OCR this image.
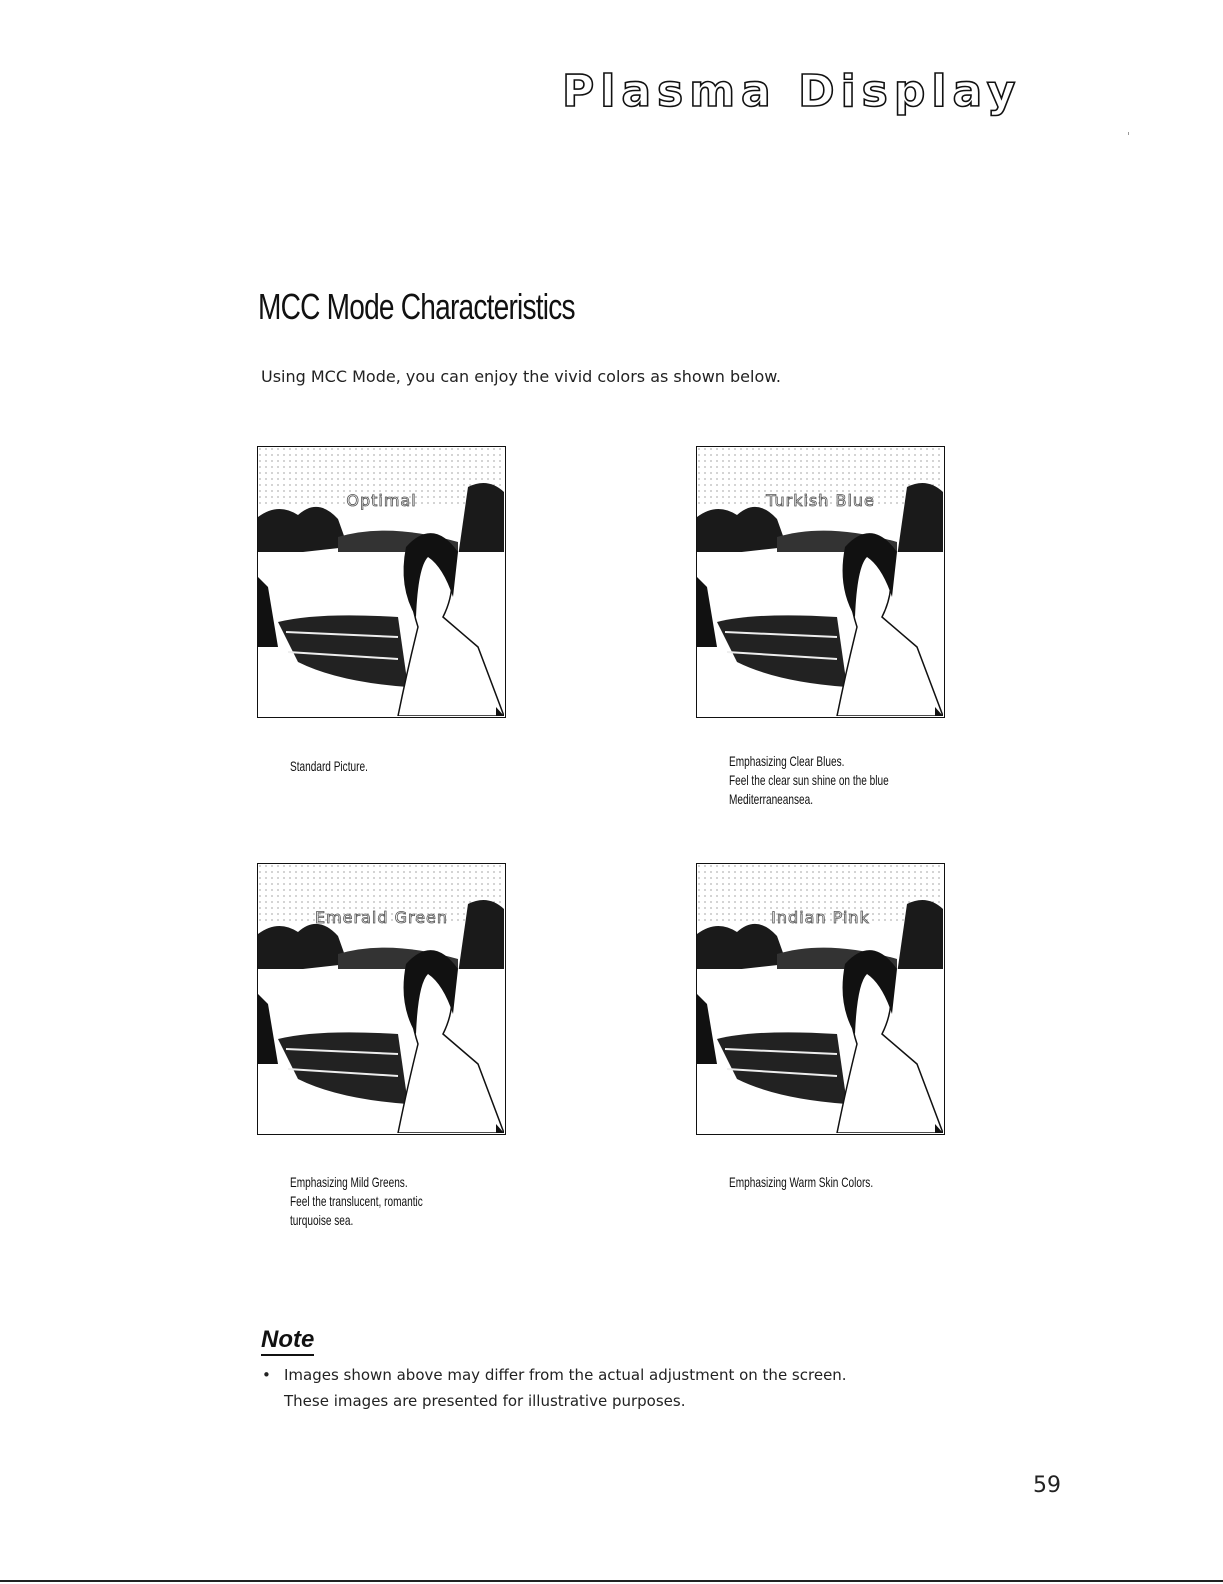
Plasma Display
MCC Mode Characteristics
Using MCC Mode, you can enjoy the vivid colors as shown below.
Optimal
Standard Picture.
Turkish Blue
Emphasizing Clear Blues.
Feel the clear sun shine on the blue
Mediterraneansea.
Emerald Green
Emphasizing Mild Greens.
Feel the translucent, romantic
turquoise sea.
Indian Pink
Emphasizing Warm Skin Colors.
Note
• Images shown above may differ from the actual adjustment on the screen.
These images are presented for illustrative purposes.
59
